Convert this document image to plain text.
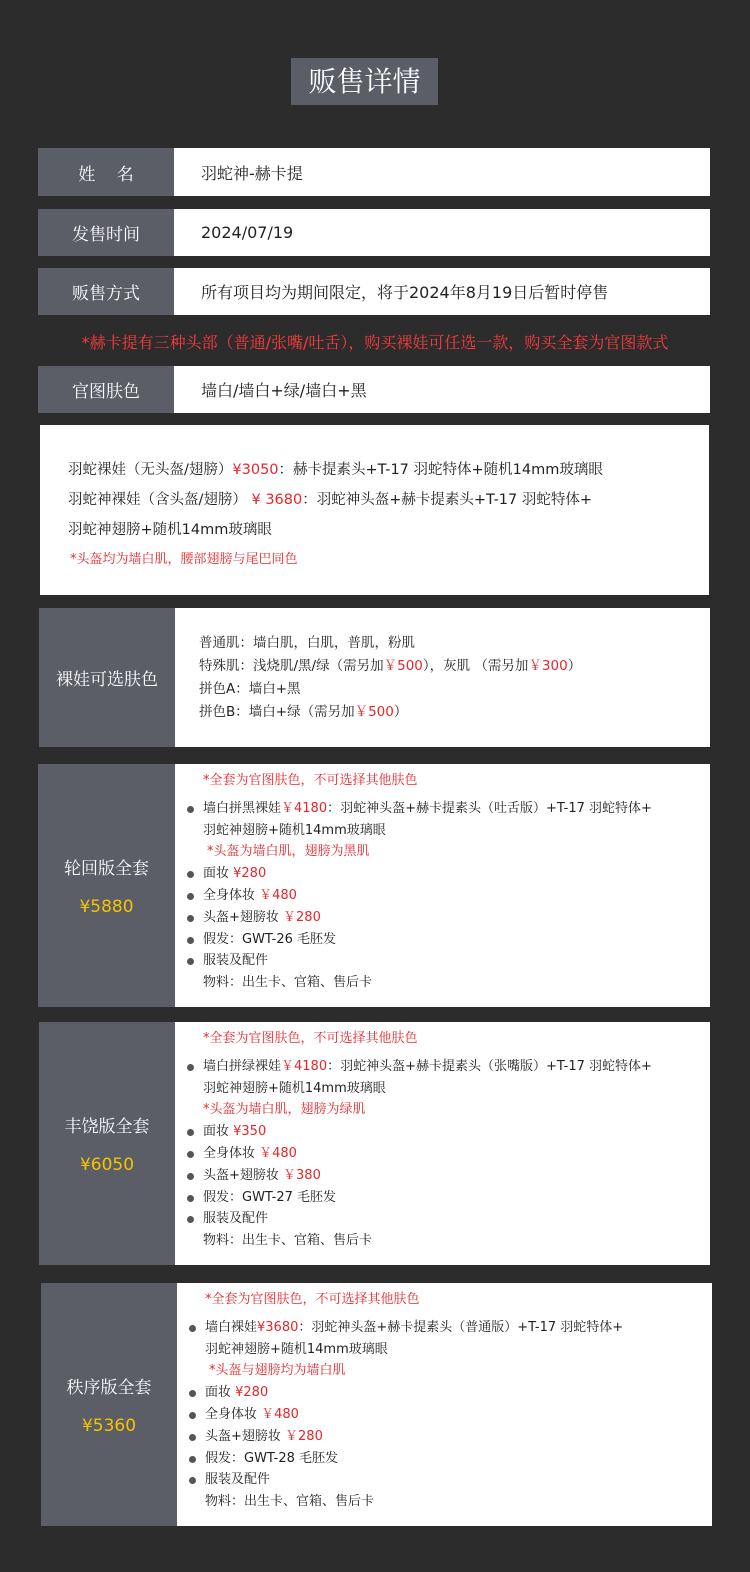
贩售详情
姓    名	羽蛇神-赫卡提
发售时间	2024/07/19
贩售方式	所有项目均为期间限定，将于2024年8月19日后暂时停售
*赫卡提有三种头部（普通/张嘴/吐舌），购买裸娃可任选一款，购买全套为官图款式
官图肤色	墙白/墙白+绿/墙白+黑
羽蛇裸娃（无头盔/翅膀）¥3050：赫卡提素头+T-17 羽蛇特体+随机14mm玻璃眼
羽蛇神裸娃（含头盔/翅膀） ¥ 3680：羽蛇神头盔+赫卡提素头+T-17 羽蛇特体+
羽蛇神翅膀+随机14mm玻璃眼
*头盔均为墙白肌，腰部翅膀与尾巴同色
裸娃可选肤色
普通肌：墙白肌，白肌，普肌，粉肌
特殊肌：浅烧肌/黑/绿（需另加￥500），灰肌 （需另加￥300）
拼色A：墙白+黑
拼色B：墙白+绿（需另加￥500）
轮回版全套
¥5880
*全套为官图肤色，不可选择其他肤色
墙白拼黑裸娃￥4180：羽蛇神头盔+赫卡提素头（吐舌版）+T-17 羽蛇特体+
羽蛇神翅膀+随机14mm玻璃眼
*头盔为墙白肌，翅膀为黑肌
面妆 ¥280
全身体妆 ￥480
头盔+翅膀妆 ￥280
假发：GWT-26 毛胚发
服装及配件
物料：出生卡、官箱、售后卡
丰饶版全套
¥6050
*全套为官图肤色，不可选择其他肤色
墙白拼绿裸娃￥4180：羽蛇神头盔+赫卡提素头（张嘴版）+T-17 羽蛇特体+
羽蛇神翅膀+随机14mm玻璃眼
*头盔为墙白肌，翅膀为绿肌
面妆 ¥350
全身体妆 ￥480
头盔+翅膀妆 ￥380
假发：GWT-27 毛胚发
服装及配件
物料：出生卡、官箱、售后卡
秩序版全套
¥5360
*全套为官图肤色，不可选择其他肤色
墙白裸娃¥3680：羽蛇神头盔+赫卡提素头（普通版）+T-17 羽蛇特体+
羽蛇神翅膀+随机14mm玻璃眼
*头盔与翅膀均为墙白肌
面妆 ¥280
全身体妆 ￥480
头盔+翅膀妆 ￥280
假发：GWT-28 毛胚发
服装及配件
物料：出生卡、官箱、售后卡
